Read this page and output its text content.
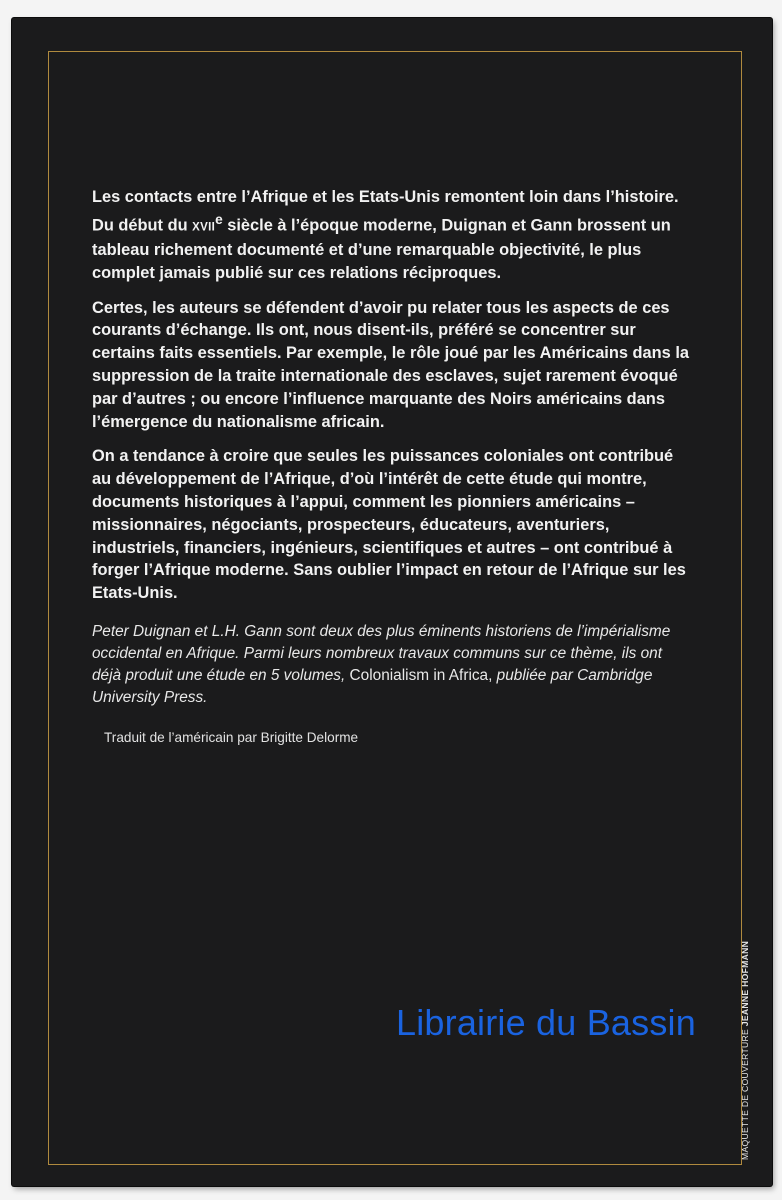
Les contacts entre l’Afrique et les Etats-Unis remontent loin dans l’histoire. Du début du XVIIe siècle à l’époque moderne, Duignan et Gann brossent un tableau richement documenté et d’une remarquable objectivité, le plus complet jamais publié sur ces relations réciproques.

Certes, les auteurs se défendent d’avoir pu relater tous les aspects de ces courants d’échange. Ils ont, nous disent-ils, préféré se concentrer sur certains faits essentiels. Par exemple, le rôle joué par les Américains dans la suppression de la traite internationale des esclaves, sujet rarement évoqué par d’autres ; ou encore l’influence marquante des Noirs américains dans l’émergence du nationalisme africain.

On a tendance à croire que seules les puissances coloniales ont contribué au développement de l’Afrique, d’où l’intérêt de cette étude qui montre, documents historiques à l’appui, comment les pionniers américains – missionnaires, négociants, prospecteurs, éducateurs, aventuriers, industriels, financiers, ingénieurs, scientifiques et autres – ont contribué à forger l’Afrique moderne. Sans oublier l’impact en retour de l’Afrique sur les Etats-Unis.

Peter Duignan et L.H. Gann sont deux des plus éminents historiens de l’impérialisme occidental en Afrique. Parmi leurs nombreux travaux communs sur ce thème, ils ont déjà produit une étude en 5 volumes, Colonialism in Africa, publiée par Cambridge University Press.

Traduit de l’américain par Brigitte Delorme
Librairie du Bassin
MAQUETTE DE COUVERTURE JEANNE HOFMANN
